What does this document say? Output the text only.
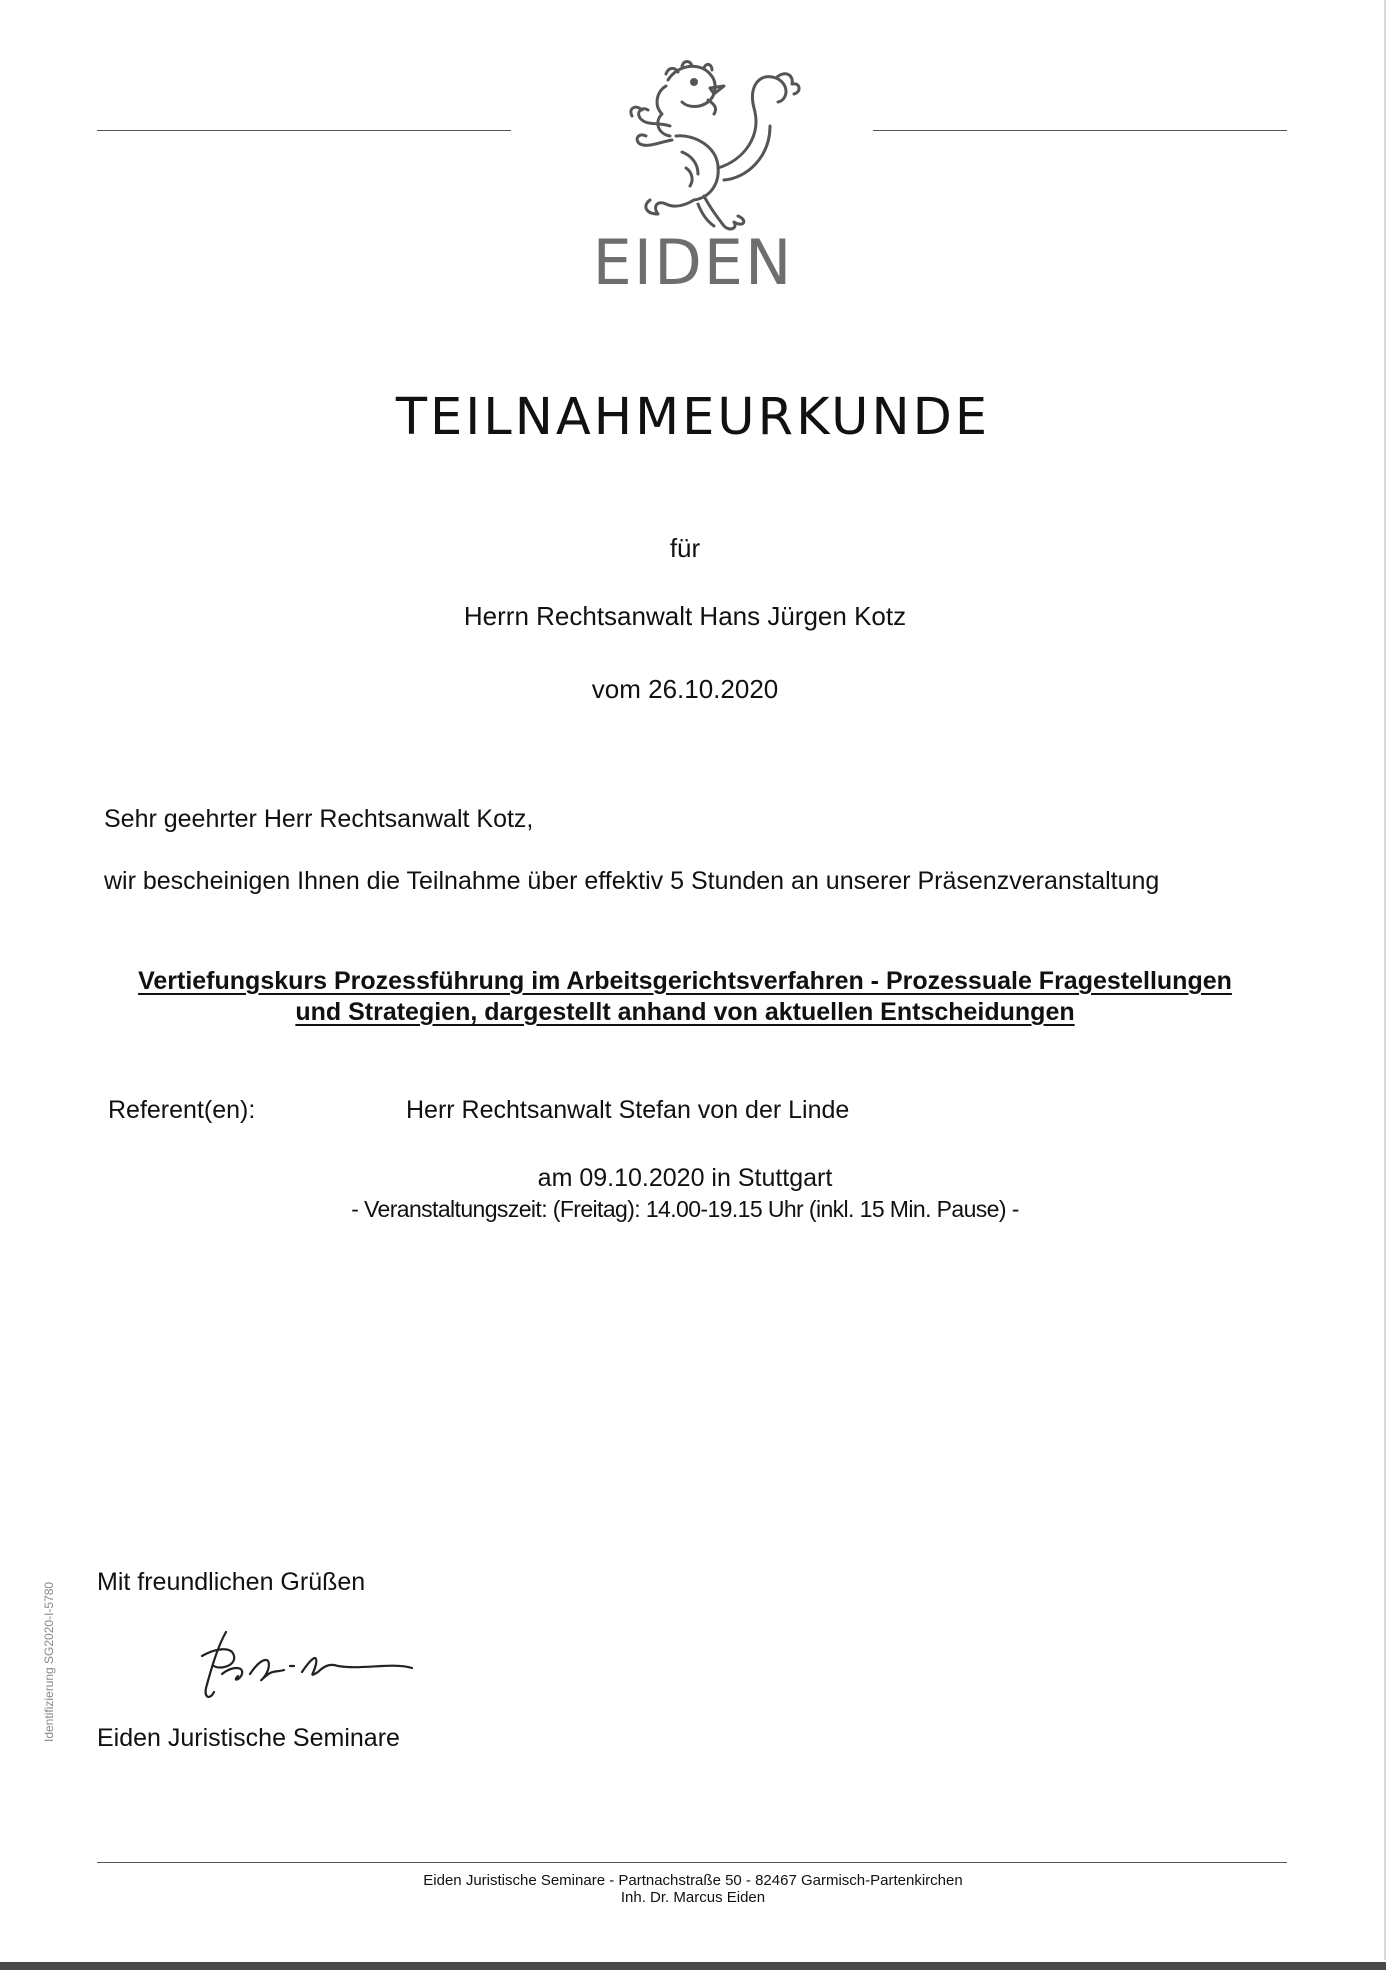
EIDEN
TEILNAHMEURKUNDE
für
Herrn Rechtsanwalt Hans Jürgen Kotz
vom 26.10.2020
Sehr geehrter Herr Rechtsanwalt Kotz,
wir bescheinigen Ihnen die Teilnahme über effektiv 5 Stunden an unserer Präsenzveranstaltung
Vertiefungskurs Prozessführung im Arbeitsgerichtsverfahren - Prozessuale Fragestellungen
und Strategien, dargestellt anhand von aktuellen Entscheidungen
Referent(en):	Herr Rechtsanwalt Stefan von der Linde
am 09.10.2020 in Stuttgart
- Veranstaltungszeit: (Freitag): 14.00-19.15 Uhr (inkl. 15 Min. Pause) -
Identifizierung SG2020-I-5780 Mit freundlichen Grüßen
Eiden Juristische Seminare
Eiden Juristische Seminare - Partnachstraße 50 - 82467 Garmisch-Partenkirchen
Inh. Dr. Marcus Eiden
